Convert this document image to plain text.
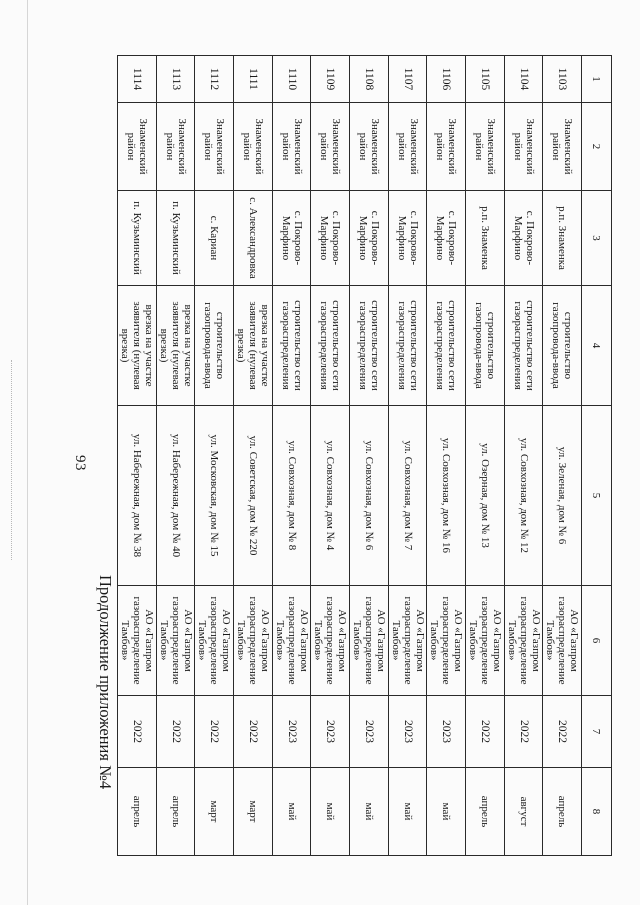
93
Продолжение приложения №4
1	2	3	4	5	6	7	8
1103	Знаменский район	р.п. Знаменка	строительство газопровода-ввода	ул. Зеленая, дом № 6	АО «Газпром газораспределение Тамбов»	2022	апрель
1104	Знаменский район	с. Покрово-Марфино	строительство сети газораспределения	ул. Совхозная, дом № 12	АО «Газпром газораспределение Тамбов»	2022	август
1105	Знаменский район	р.п. Знаменка	строительство газопровода-ввода	ул. Озерная, дом № 13	АО «Газпром газораспределение Тамбов»	2022	апрель
1106	Знаменский район	с. Покрово-Марфино	строительство сети газораспределения	ул. Совхозная, дом № 16	АО «Газпром газораспределение Тамбов»	2023	май
1107	Знаменский район	с. Покрово-Марфино	строительство сети газораспределения	ул. Совхозная, дом № 7	АО «Газпром газораспределение Тамбов»	2023	май
1108	Знаменский район	с. Покрово-Марфино	строительство сети газораспределения	ул. Совхозная, дом № 6	АО «Газпром газораспределение Тамбов»	2023	май
1109	Знаменский район	с. Покрово-Марфино	строительство сети газораспределения	ул. Совхозная, дом № 4	АО «Газпром газораспределение Тамбов»	2023	май
1110	Знаменский район	с. Покрово-Марфино	строительство сети газораспределения	ул. Совхозная, дом № 8	АО «Газпром газораспределение Тамбов»	2023	май
1111	Знаменский район	с. Александровка	врезка на участке заявителя (нулевая врезка)	ул. Советская, дом № 220	АО «Газпром газораспределение Тамбов»	2022	март
1112	Знаменский район	с. Кариан	строительство газопровода-ввода	ул. Московская, дом № 15	АО «Газпром газораспределение Тамбов»	2022	март
1113	Знаменский район	п. Кузьминский	врезка на участке заявителя (нулевая врезка)	ул. Набережная, дом № 40	АО «Газпром газораспределение Тамбов»	2022	апрель
1114	Знаменский район	п. Кузьминский	врезка на участке заявителя (нулевая врезка)	ул. Набережная, дом № 38	АО «Газпром газораспределение Тамбов»	2022	апрель
